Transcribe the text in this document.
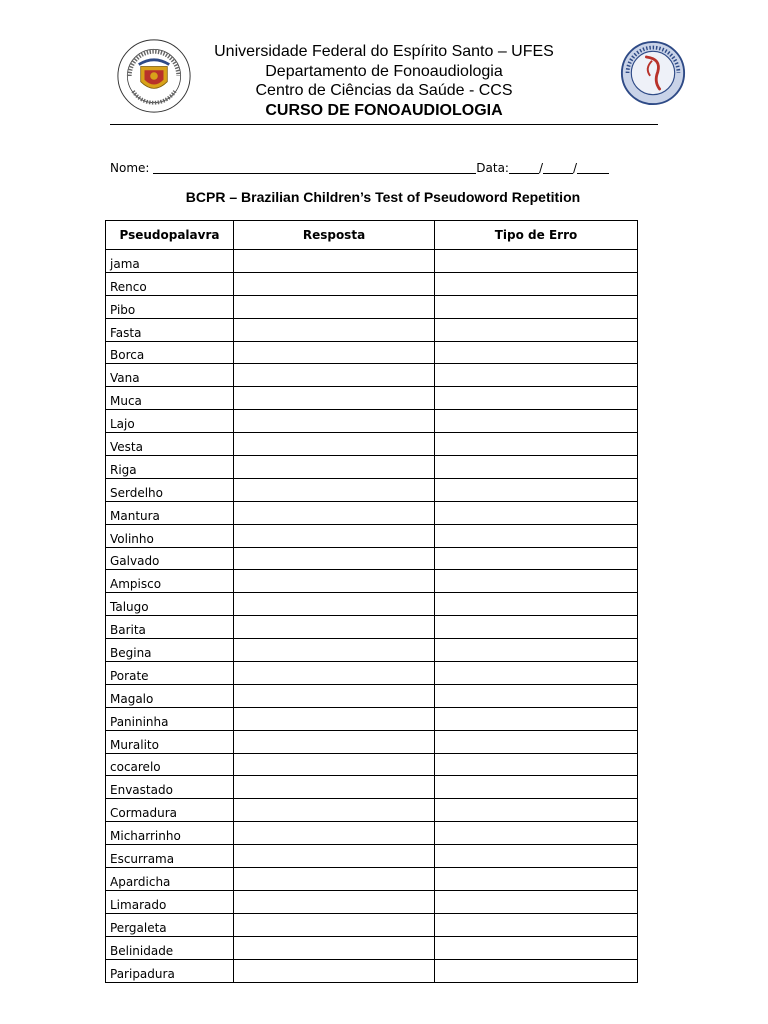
Universidade Federal do Espírito Santo – UFES
Departamento de Fonoaudiologia
Centro de Ciências da Saúde - CCS
CURSO DE FONOAUDIOLOGIA
Nome:	Data:	/	/
BCPR – Brazilian Children’s Test of Pseudoword Repetition
Pseudopalavra	Resposta	Tipo de Erro
jama		
Renco		
Pibo		
Fasta		
Borca		
Vana		
Muca		
Lajo		
Vesta		
Riga		
Serdelho		
Mantura		
Volinho		
Galvado		
Ampisco		
Talugo		
Barita		
Begina		
Porate		
Magalo		
Panininha		
Muralito		
cocarelo		
Envastado		
Cormadura		
Micharrinho		
Escurrama		
Apardicha		
Limarado		
Pergaleta		
Belinidade		
Paripadura		
